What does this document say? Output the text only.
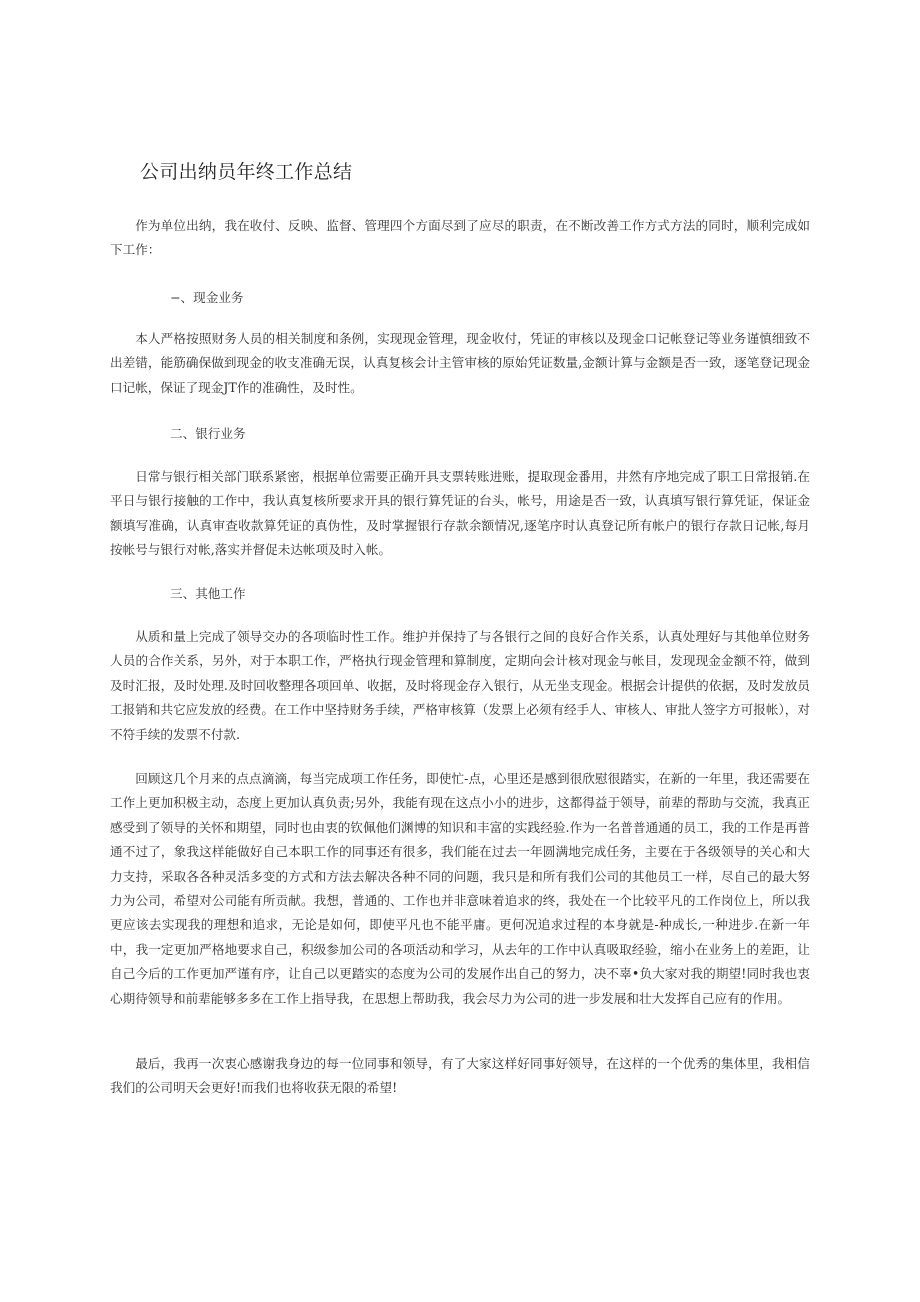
公司出纳员年终工作总结
作为单位出纳，我在收付、反映、监督、管理四个方面尽到了应尽的职责，在不断改善工作方式方法的同时，顺利完成如下工作：
−、现金业务
本人严格按照财务人员的相关制度和条例，实现现金管理，现金收付，凭证的审核以及现金口记帐登记等业务谨慎细致不出差错，能筋确保做到现金的收支准确无误，认真复核会计主管审核的原始凭证数量,金额计算与金额是否一致，逐笔登记现金口记帐，保证了现金JT作的准确性，及时性。
二、银行业务
日常与银行相关部门联系紧密，根据单位需要正确开具支票转账进账，提取现金番用，井然有序地完成了职工日常报销.在平日与银行接触的工作中，我认真复核所要求开具的银行算凭证的台头，帐号，用途是否一致，认真填写银行算凭证，保证金额填写准确，认真审查收款算凭证的真伪性，及时掌握银行存款余额情况,逐笔序时认真登记所有帐户的银行存款日记帐,每月按帐号与银行对帐,落实并督促未达帐项及时入帐。
三、其他工作
从质和量上完成了领导交办的各项临时性工作。维护并保持了与各银行之间的良好合作关系，认真处理好与其他单位财务人员的合作关系，另外，对于本职工作，严格执行现金管理和算制度，定期向会计核对现金与帐目，发现现金金额不符，做到及时汇报，及时处理.及时回收整理各项回单、收据，及时将现金存入银行，从无坐支现金。根据会计提供的依据，及时发放员工报销和共它应发放的经费。在工作中坚持财务手续，严格审核算（发票上必须有经手人、审核人、审批人签字方可报帐），对不符手续的发票不付款.
回顾这几个月来的点点滴滴，每当完成项工作任务，即使忙-点，心里还是感到很欣慰很踏实，在新的一年里，我还需要在工作上更加积极主动，态度上更加认真负责;另外，我能有现在这点小小的进步，这都得益于领导，前辈的帮助与交流，我真正感受到了领导的关怀和期望，同时也由衷的钦佩他们渊博的知识和丰富的实践经验.作为一名普普通通的员工，我的工作是再普通不过了，象我这样能做好自己本职工作的同事还有很多，我们能在过去一年圆满地完成任务，主要在于各级领导的关心和大力支持，采取各各种灵活多变的方式和方法去解决各种不同的问题，我只是和所有我们公司的其他员工一样，尽自己的最大努力为公司，希望对公司能有所贡献。我想，普通的、工作也并非意味着追求的终，我处在一个比较平凡的工作岗位上，所以我更应该去实现我的理想和追求，无论是如何，即使平凡也不能平庸。更何况追求过程的本身就是-种成长,一种进步.在新一年中，我一定更加严格地要求自己，积级参加公司的各项活动和学习，从去年的工作中认真吸取经验，缩小在业务上的差距，让自己今后的工作更加严谨有序，让自己以更踏实的态度为公司的发展作出自己的努力，决不辜•负大家对我的期望!同时我也衷心期待领导和前辈能够多多在工作上指导我，在思想上帮助我，我会尽力为公司的进一步发展和壮大发挥自己应有的作用。
最后，我再一次衷心感谢我身边的每一位同事和领导，有了大家这样好同事好领导，在这样的一个优秀的集体里，我相信我们的公司明天会更好!而我们也将收获无限的希望!
